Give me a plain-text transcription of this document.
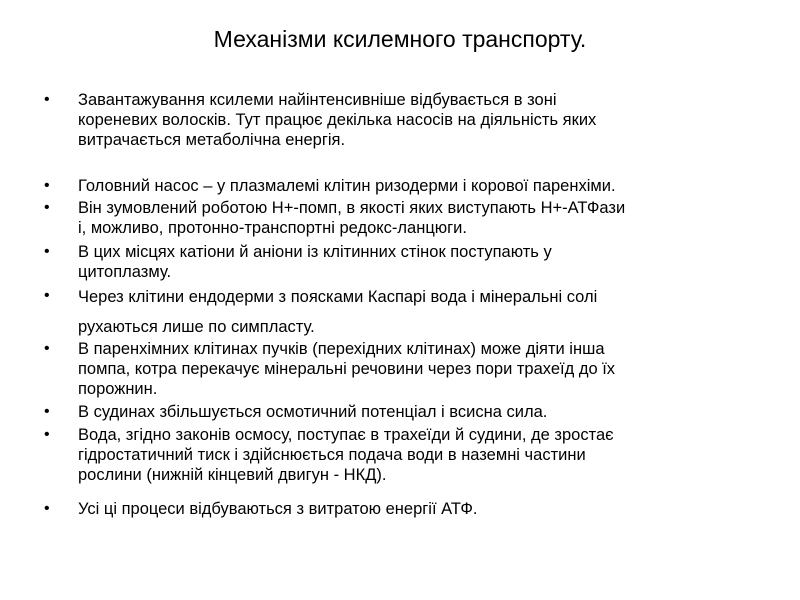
Механізми ксилемного транспорту.
• Завантажування ксилеми найінтенсивніше відбувається в зоні
кореневих волосків. Тут працює декілька насосів на діяльність яких
витрачається метаболічна енергія.
• Головний насос – у плазмалемі клітин ризодерми і корової паренхіми.
• Він зумовлений роботою Н+-помп, в якості яких виступають Н+-АТФази
і, можливо, протонно-транспортні редокс-ланцюги.
• В цих місцях катіони й аніони із клітинних стінок поступають у
цитоплазму.
• Через клітини ендодерми з поясками Каспарі вода і мінеральні солі
рухаються лише по симпласту.
• В паренхімних клітинах пучків (перехідних клітинах) може діяти інша
помпа, котра перекачує мінеральні речовини через пори трахеїд до їх
порожнин.
• В судинах збільшується осмотичний потенціал і всисна сила.
• Вода, згідно законів осмосу, поступає в трахеїди й судини, де зростає
гідростатичний тиск і здійснюється подача води в наземні частини
рослини (нижній кінцевий двигун - НКД).
• Усі ці процеси відбуваються з витратою енергії АТФ.
